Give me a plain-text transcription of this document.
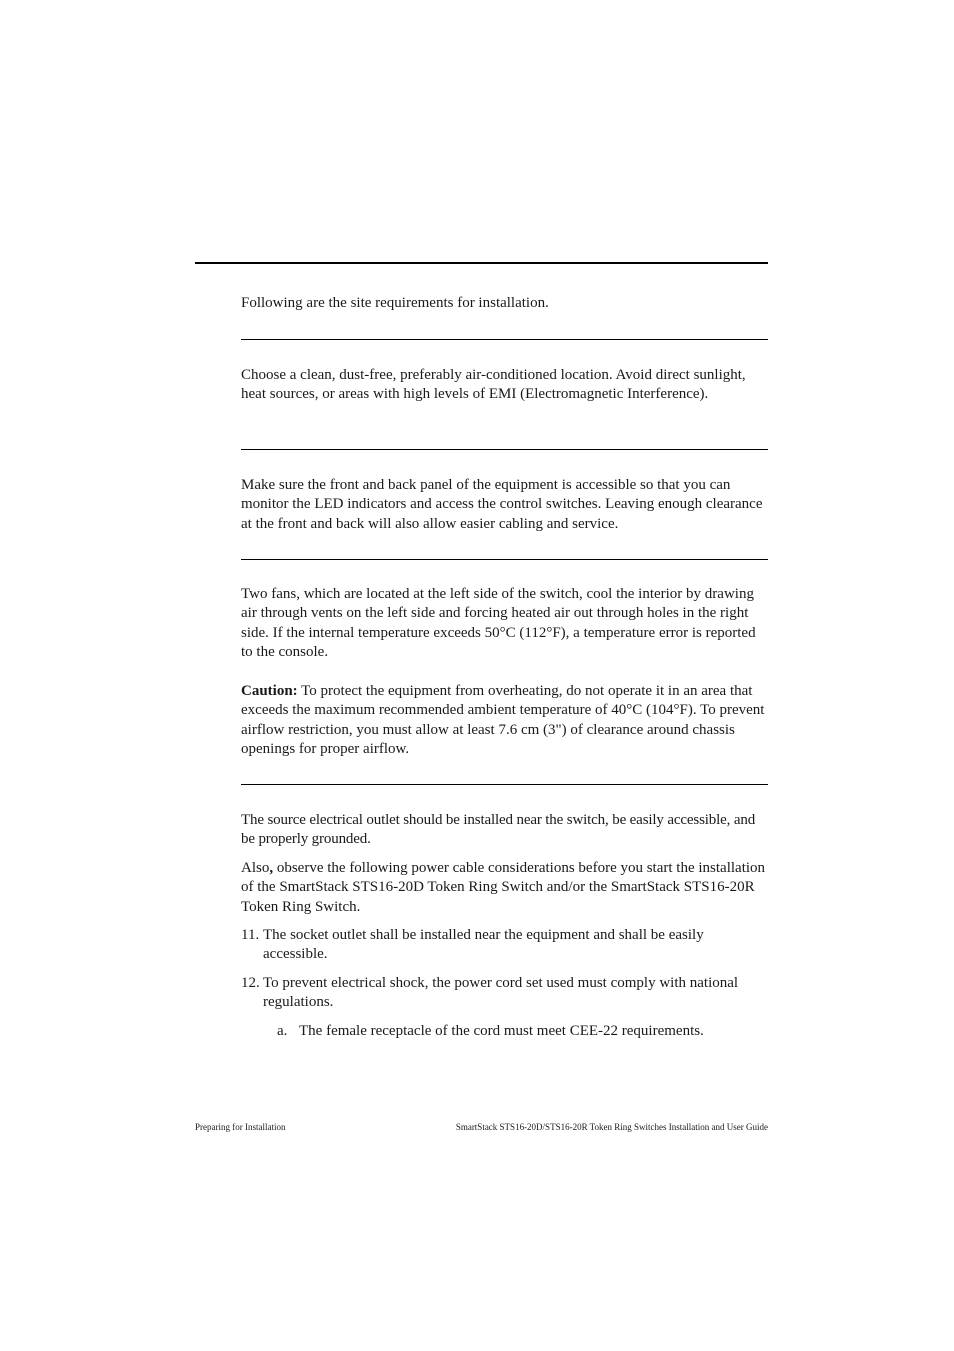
Following are the site requirements for installation.

Choose a clean, dust-free, preferably air-conditioned location. Avoid direct sunlight, heat sources, or areas with high levels of EMI (Electromagnetic Interference).

Make sure the front and back panel of the equipment is accessible so that you can monitor the LED indicators and access the control switches. Leaving enough clearance at the front and back will also allow easier cabling and service.

Two fans, which are located at the left side of the switch, cool the interior by drawing air through vents on the left side and forcing heated air out through holes in the right side. If the internal temperature exceeds 50°C (112°F), a temperature error is reported to the console.

Caution: To protect the equipment from overheating, do not operate it in an area that exceeds the maximum recommended ambient temperature of 40°C (104°F). To prevent airflow restriction, you must allow at least 7.6 cm (3") of clearance around chassis openings for proper airflow.

The source electrical outlet should be installed near the switch, be easily accessible, and be properly grounded.

Also, observe the following power cable considerations before you start the installation of the SmartStack STS16-20D Token Ring Switch and/or the SmartStack STS16-20R Token Ring Switch.

11. The socket outlet shall be installed near the equipment and shall be easily accessible.
12. To prevent electrical shock, the power cord set used must comply with national regulations.
a. The female receptacle of the cord must meet CEE-22 requirements.
Preparing for Installation	SmartStack STS16-20D/STS16-20R Token Ring Switches Installation and User Guide
